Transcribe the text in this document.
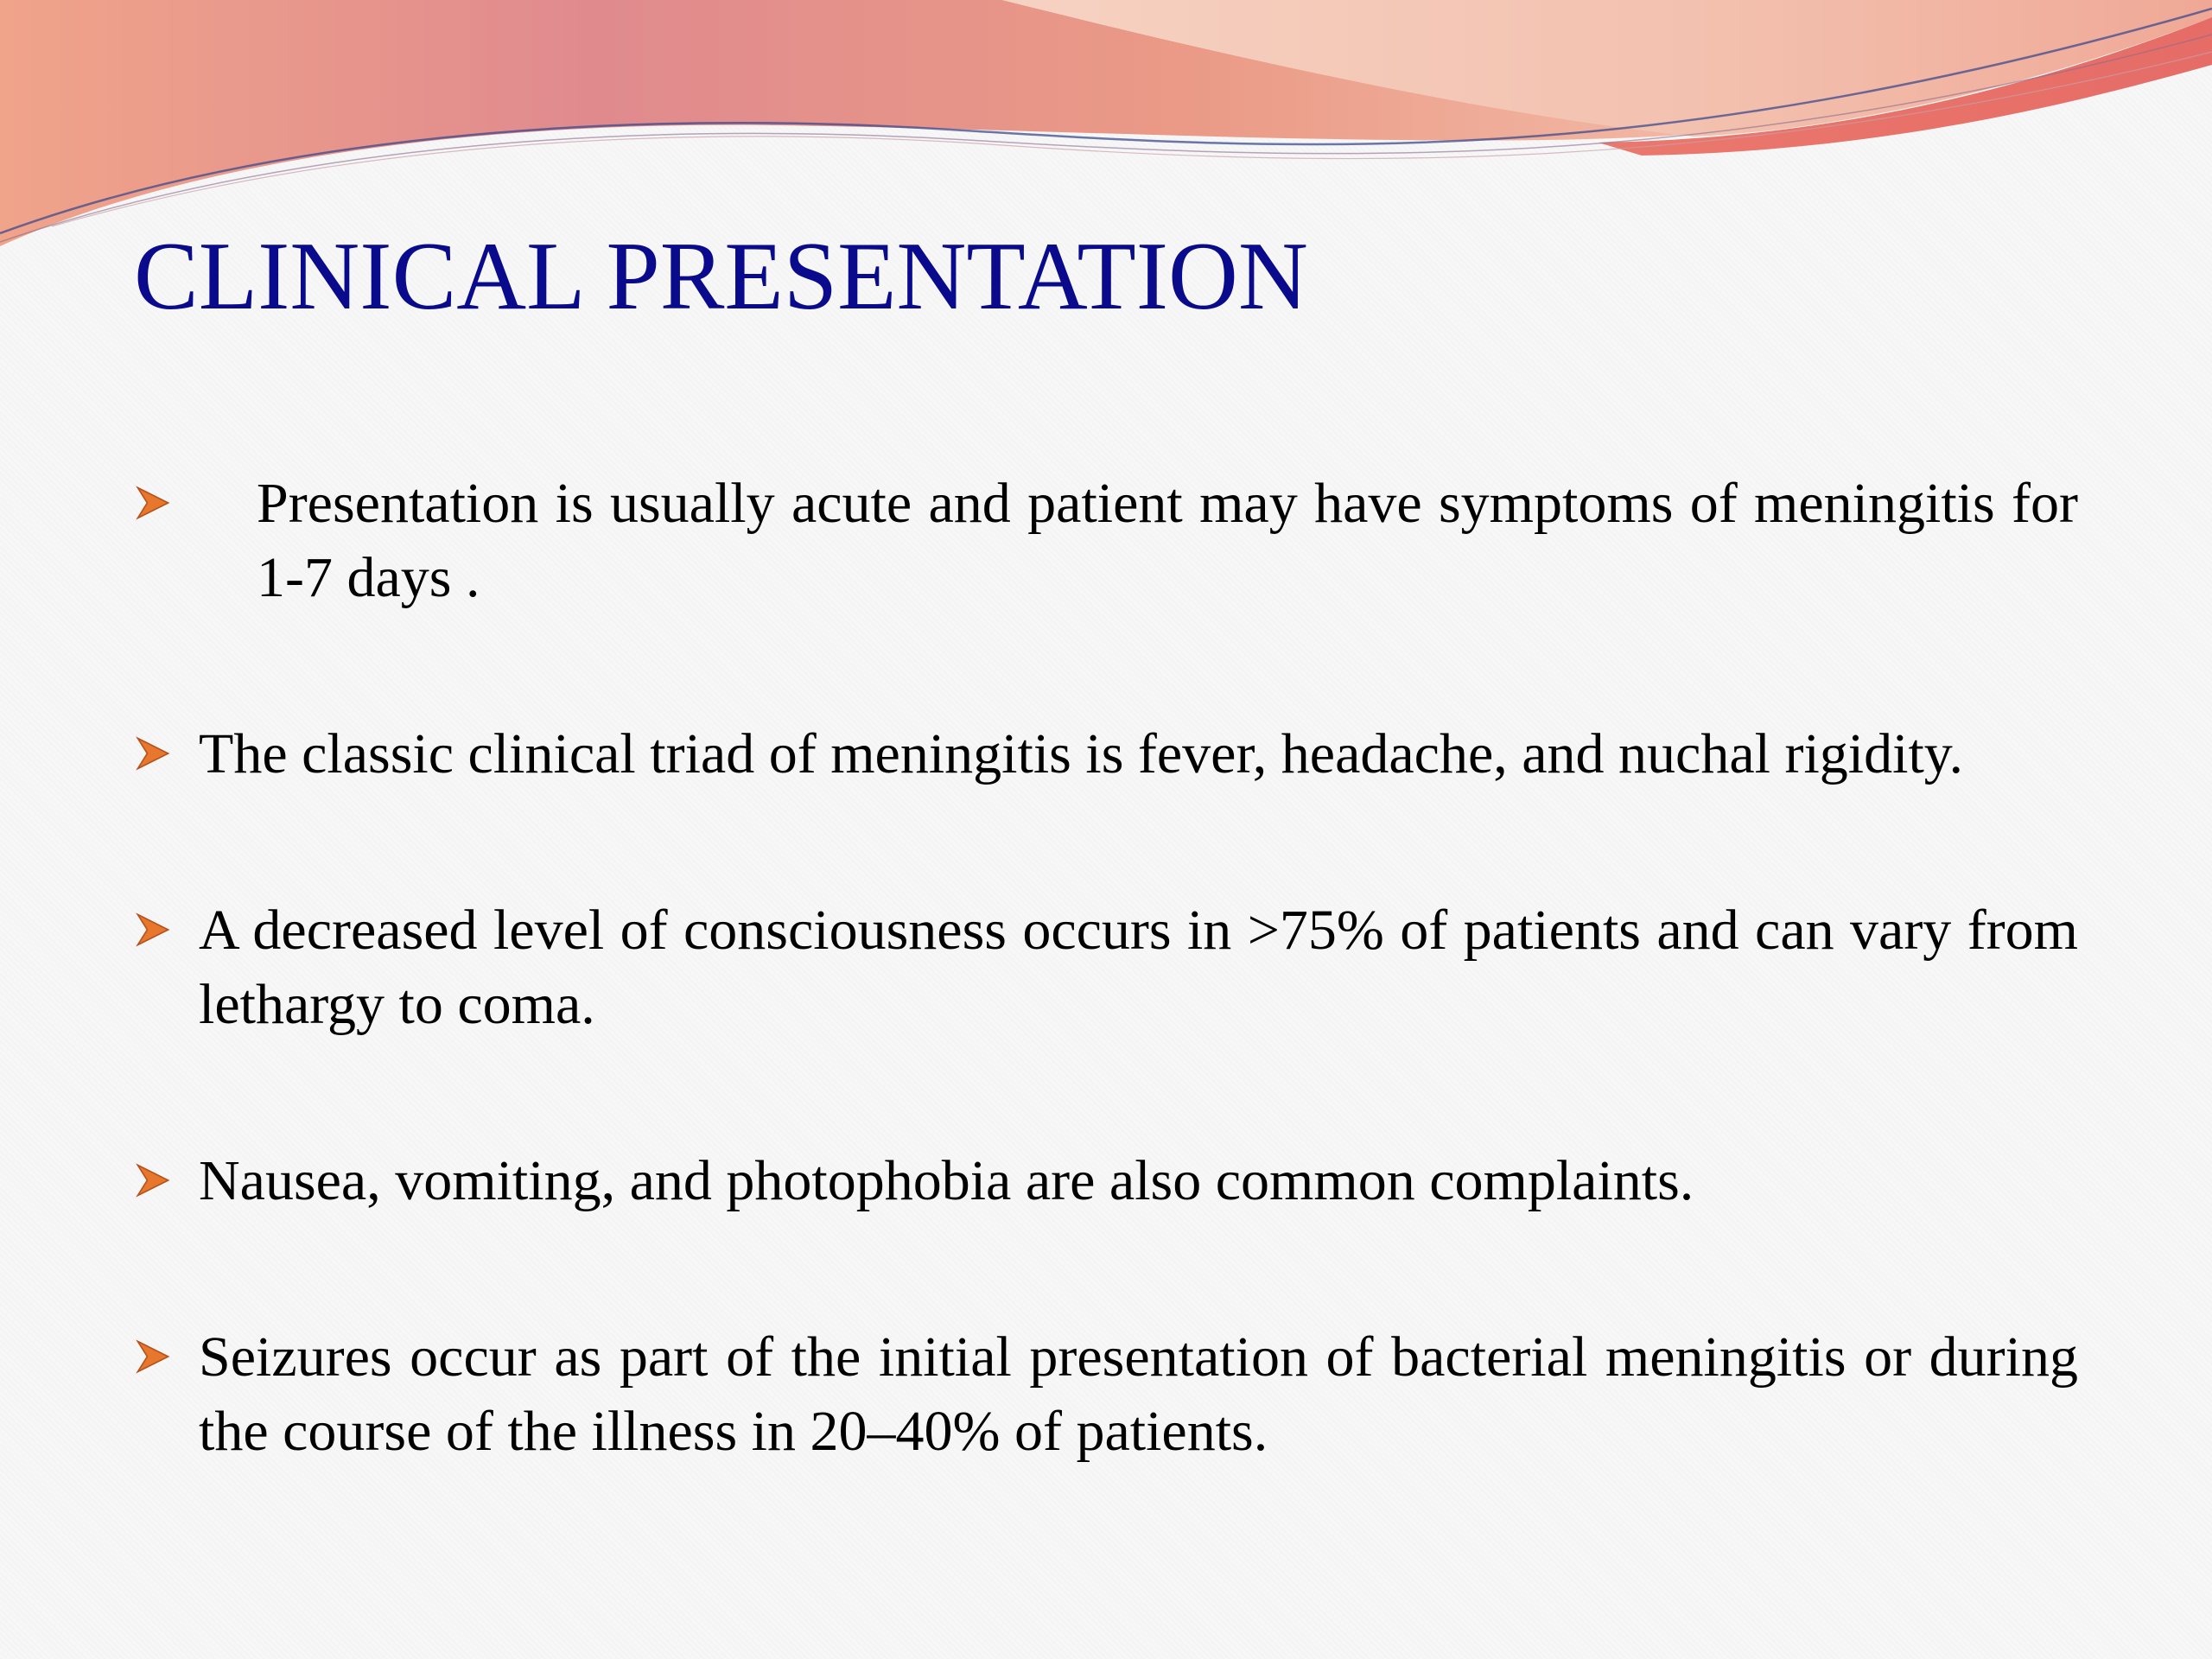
CLINICAL PRESENTATION
Presentation is usually acute and patient may have symptoms of meningitis for 1-7 days .
The classic clinical triad of meningitis is fever, headache, and nuchal rigidity.
A decreased level of consciousness occurs in >75% of patients and can vary from lethargy to coma.
Nausea, vomiting, and photophobia are also common complaints.
Seizures occur as part of the initial presentation of bacterial meningitis or during the course of the illness in 20–40% of patients.
